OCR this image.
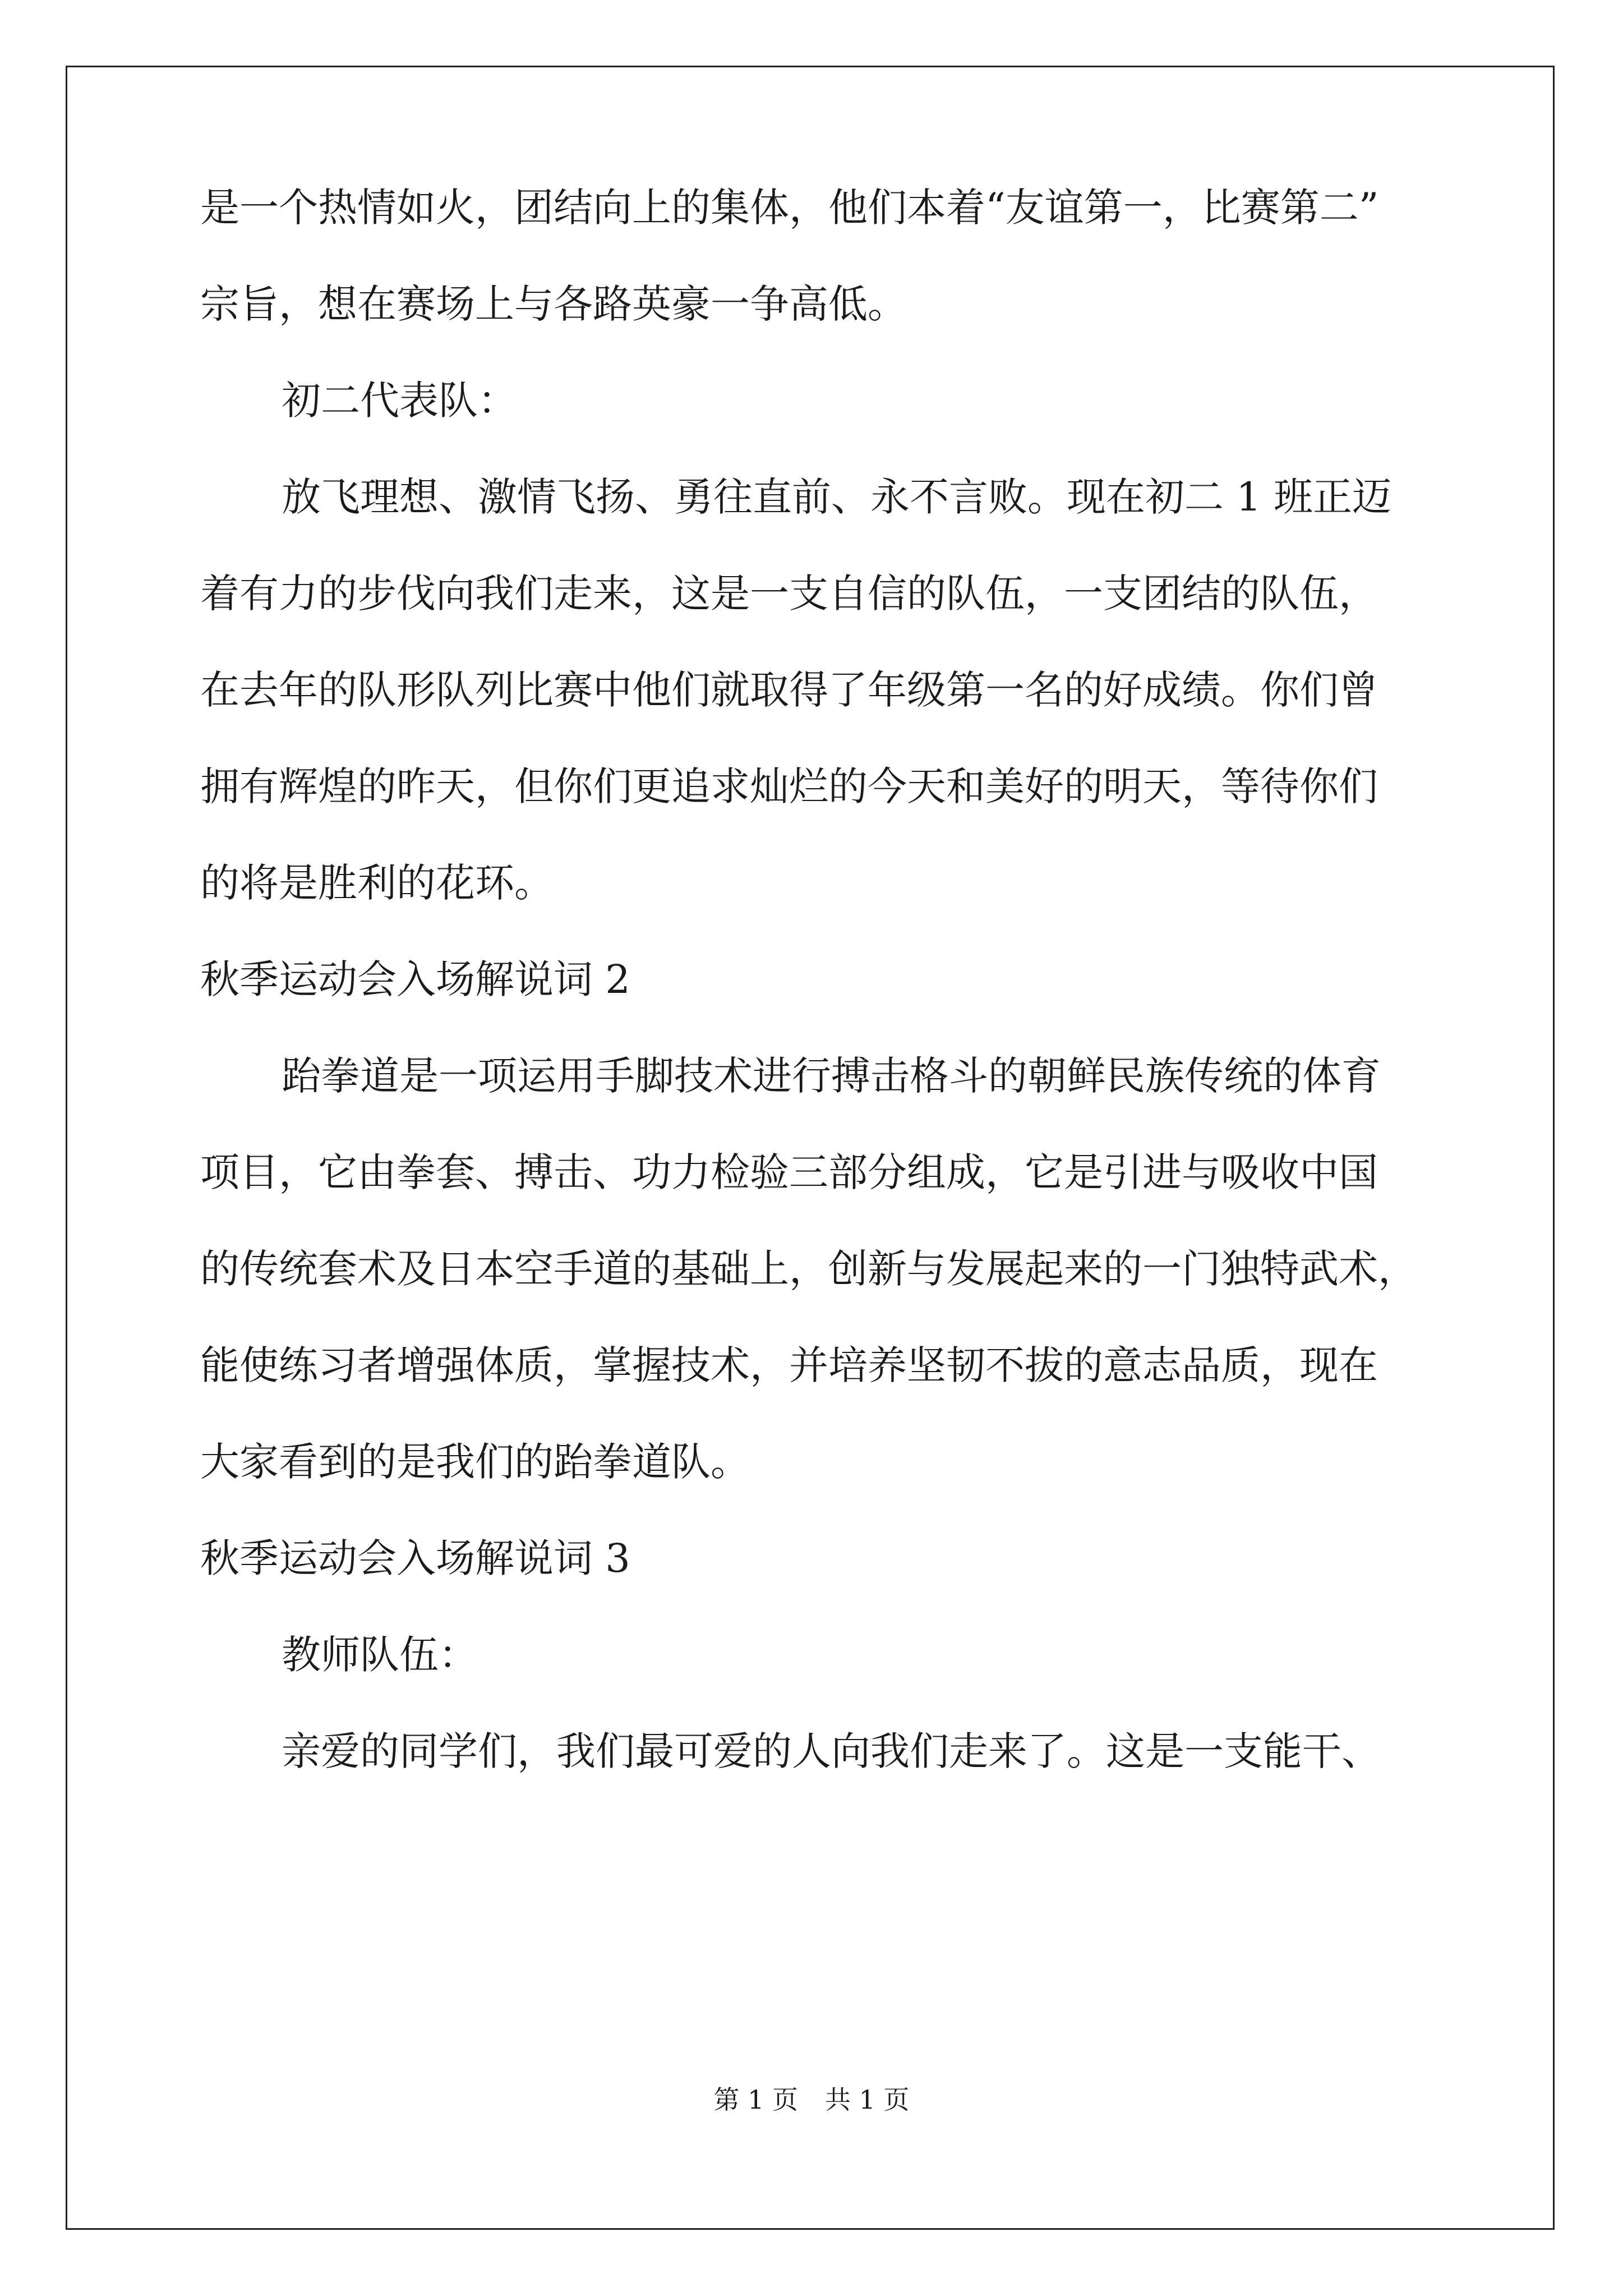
是一个热情如火，团结向上的集体，他们本着“友谊第一，比赛第二”
宗旨，想在赛场上与各路英豪一争高低。
初二代表队：
放飞理想、激情飞扬、勇往直前、永不言败。现在初二 1 班正迈
着有力的步伐向我们走来，这是一支自信的队伍，一支团结的队伍，
在去年的队形队列比赛中他们就取得了年级第一名的好成绩。你们曾
拥有辉煌的昨天，但你们更追求灿烂的今天和美好的明天，等待你们
的将是胜利的花环。
秋季运动会入场解说词 2
跆拳道是一项运用手脚技术进行搏击格斗的朝鲜民族传统的体育
项目，它由拳套、搏击、功力检验三部分组成，它是引进与吸收中国
的传统套术及日本空手道的基础上，创新与发展起来的一门独特武术，
能使练习者增强体质，掌握技术，并培养坚韧不拔的意志品质，现在
大家看到的是我们的跆拳道队。
秋季运动会入场解说词 3
教师队伍：
亲爱的同学们，我们最可爱的人向我们走来了。这是一支能干、
第 1 页 共 1 页
